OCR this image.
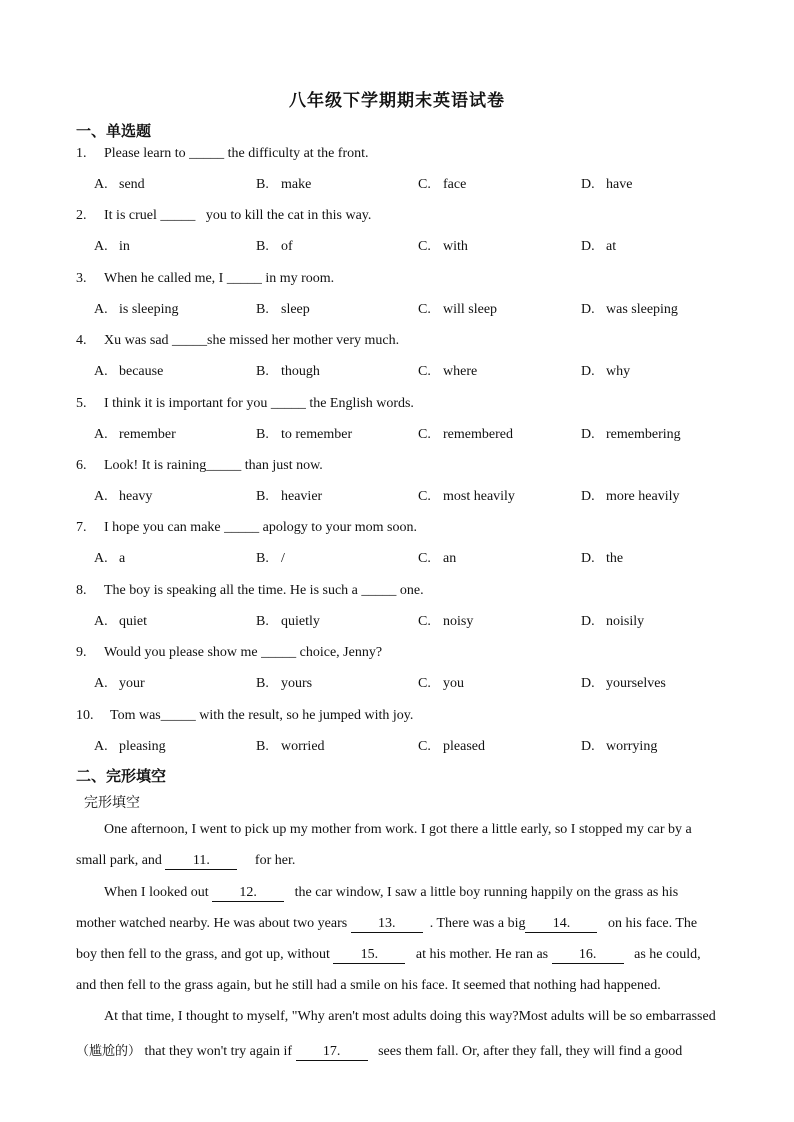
八年级下学期期末英语试卷
一、单选题
1. Please learn to _____ the difficulty at the front.
A. send	B. make	C. face	D. have
2. It is cruel _____   you to kill the cat in this way.
A. in	B. of	C. with	D. at
3. When he called me, I _____ in my room.
A. is sleeping	B. sleep	C. will sleep	D. was sleeping
4. Xu was sad _____she missed her mother very much.
A. because	B. though	C. where	D. why
5. I think it is important for you _____ the English words.
A. remember	B. to remember	C. remembered	D. remembering
6. Look! It is raining_____ than just now.
A. heavy	B. heavier	C. most heavily	D. more heavily
7. I hope you can make _____ apology to your mom soon.
A. a	B. /	C. an	D. the
8. The boy is speaking all the time. He is such a _____ one.
A. quiet	B. quietly	C. noisy	D. noisily
9. Would you please show me _____ choice, Jenny?
A. your	B. yours	C. you	D. yourselves
10. Tom was_____ with the result, so he jumped with joy.
A. pleasing	B. worried	C. pleased	D. worrying
二、完形填空
完形填空
One afternoon, I went to pick up my mother from work. I got there a little early, so I stopped my car by a
small park, and 11.	for her.
When I looked out 12.   the car window, I saw a little boy running happily on the grass as his
mother watched nearby. He was about two years 13. . There was a big 14.   on his face. The
boy then fell to the grass, and got up, without 15.   at his mother. He ran as 16.   as he could,
and then fell to the grass again, but he still had a smile on his face. It seemed that nothing had happened.
At that time, I thought to myself, "Why aren't most adults doing this way?Most adults will be so embarrassed
（尴尬的） that they won't try again if 17.   sees them fall. Or, after they fall, they will find a good
